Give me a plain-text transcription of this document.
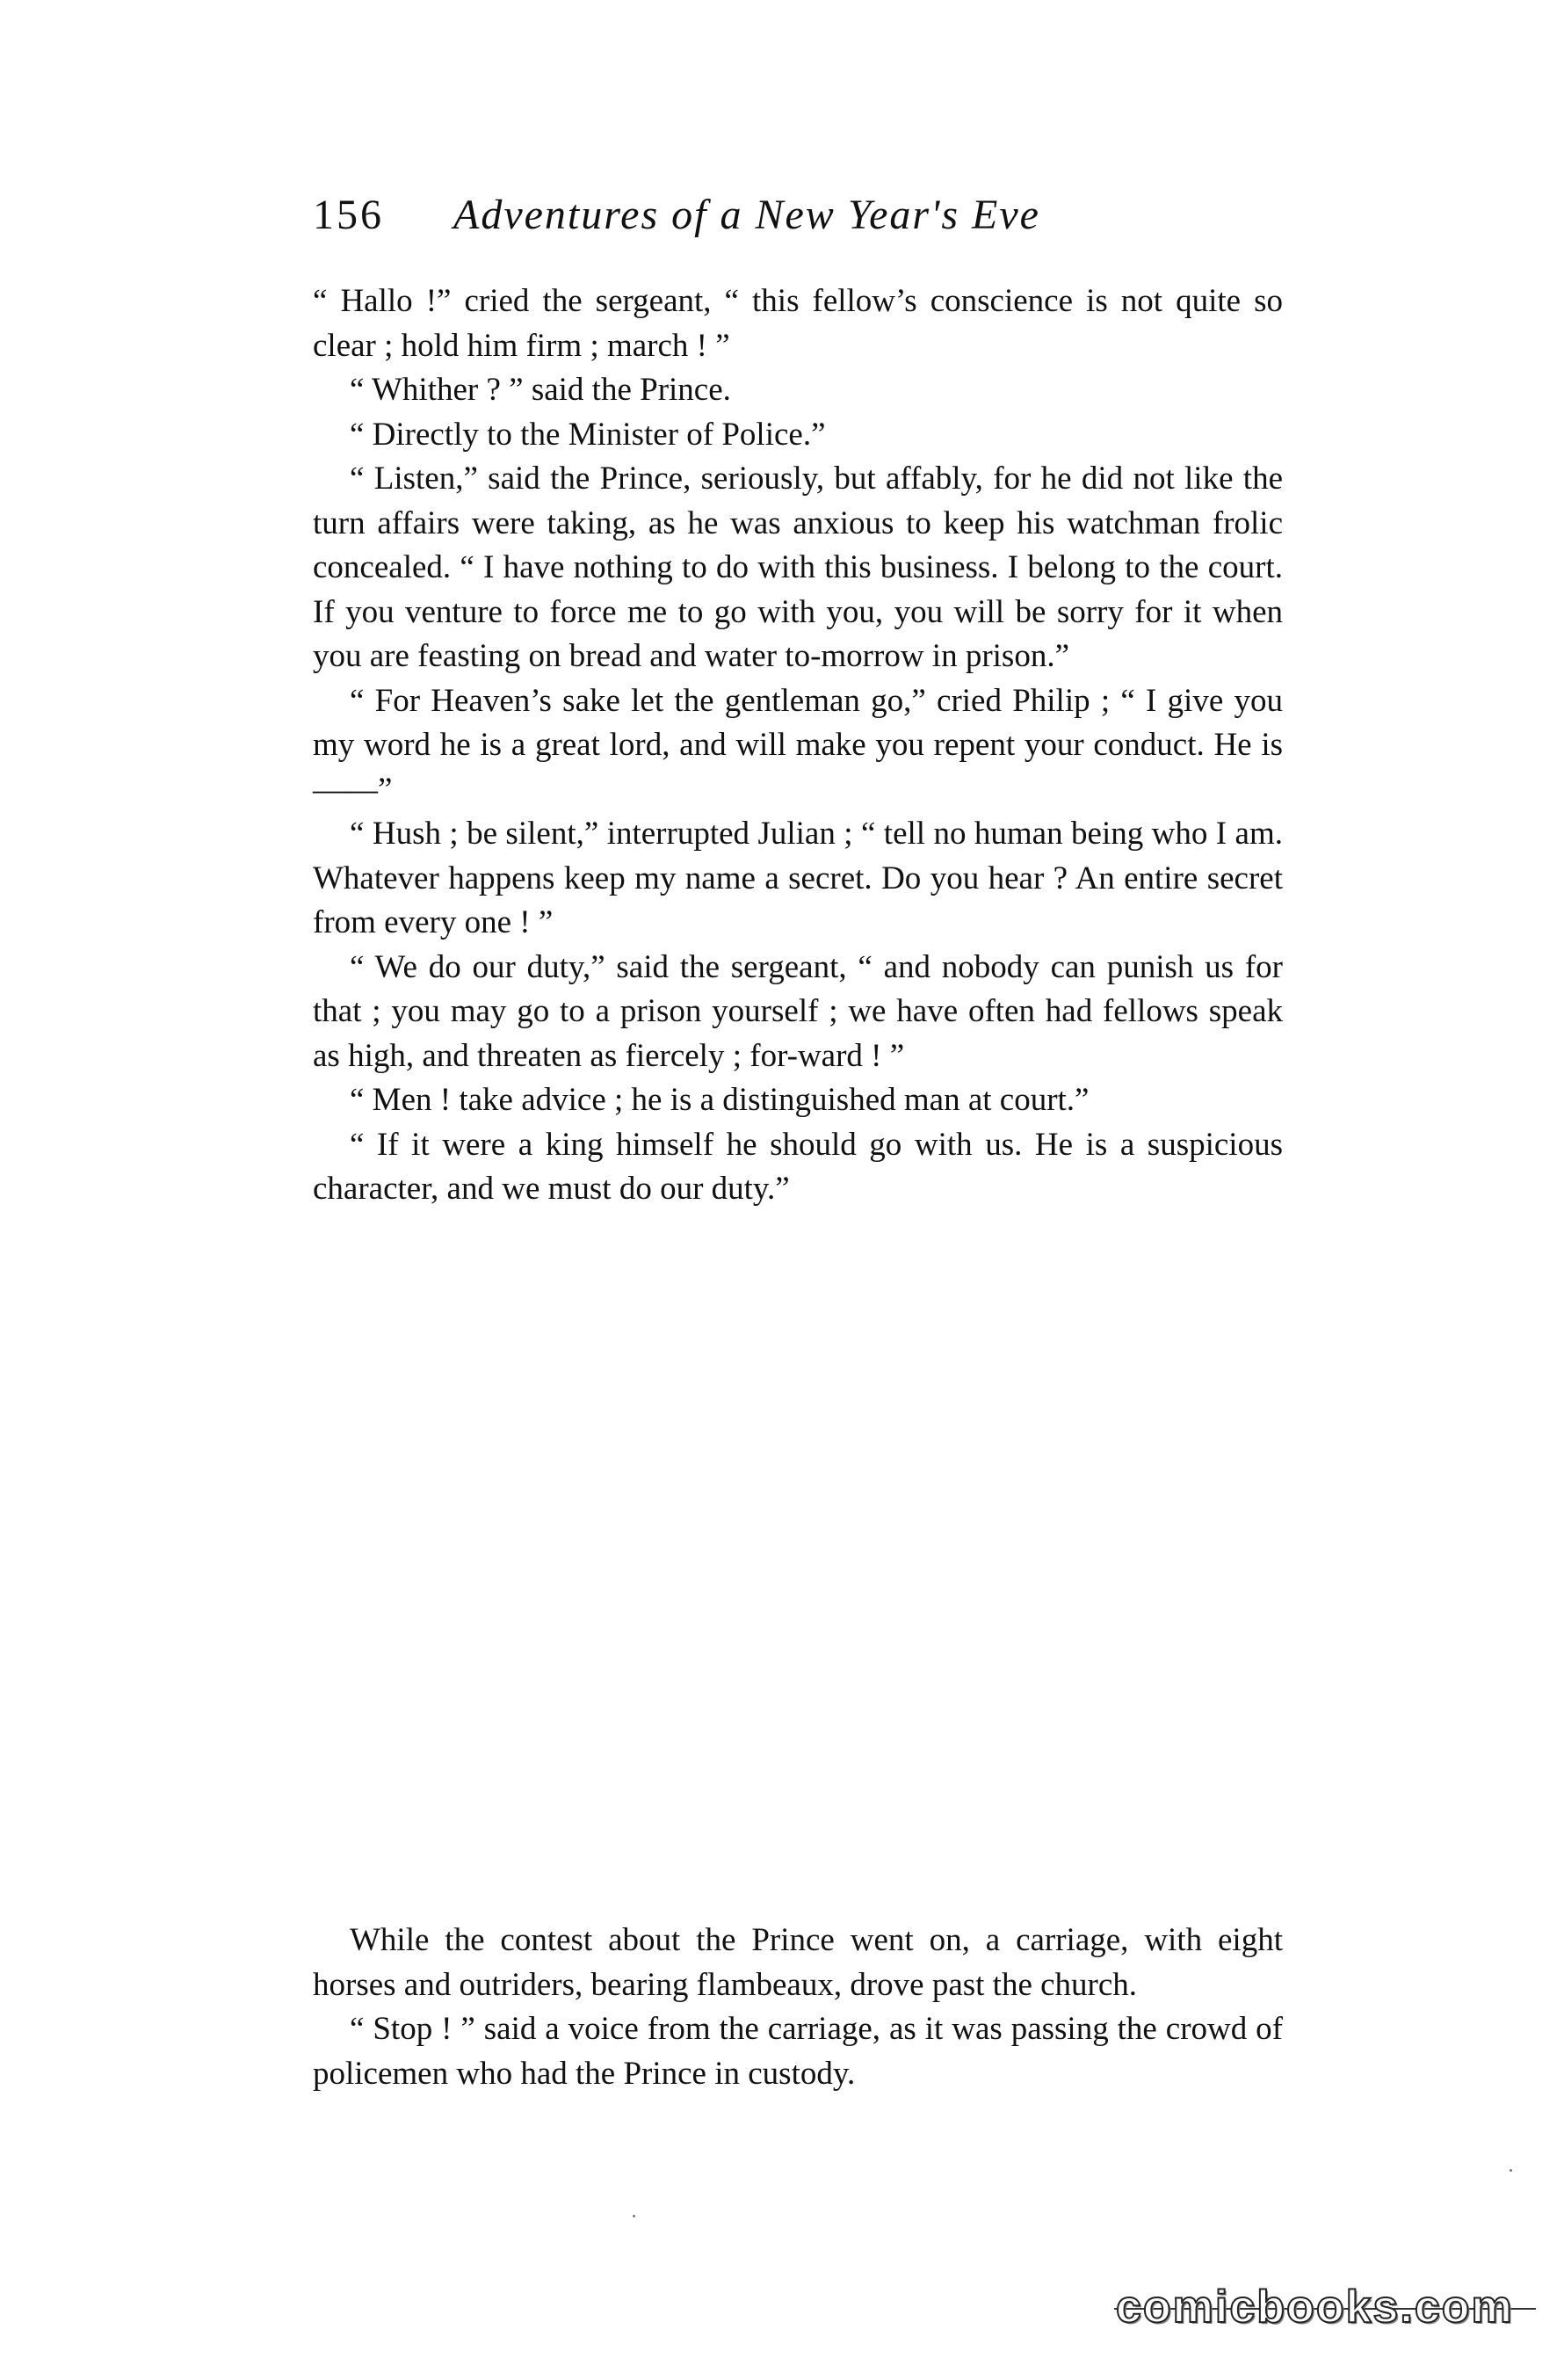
156 Adventures of a New Year's Eve

“ Hallo !” cried the sergeant, “ this fellow’s conscience is not quite so clear ; hold him firm ; march ! ”

“ Whither ? ” said the Prince.

“ Directly to the Minister of Police.”

“ Listen,” said the Prince, seriously, but affably, for he did not like the turn affairs were taking, as he was anxious to keep his watchman frolic concealed. “ I have nothing to do with this business. I belong to the court. If you venture to force me to go with you, you will be sorry for it when you are feasting on bread and water to-morrow in prison.”

“ For Heaven’s sake let the gentleman go,” cried Philip ; “ I give you my word he is a great lord, and will make you repent your conduct. He is——”

“ Hush ; be silent,” interrupted Julian ; “ tell no human being who I am. Whatever happens keep my name a secret. Do you hear ? An entire secret from every one ! ”

“ We do our duty,” said the sergeant, “ and nobody can punish us for that ; you may go to a prison yourself ; we have often had fellows speak as high, and threaten as fiercely ; for-ward ! ”

“ Men ! take advice ; he is a distinguished man at court.”

“ If it were a king himself he should go with us. He is a suspicious character, and we must do our duty.”

While the contest about the Prince went on, a carriage, with eight horses and outriders, bearing flambeaux, drove past the church.

“ Stop ! ” said a voice from the carriage, as it was passing the crowd of policemen who had the Prince in custody.

comicbooks.com
